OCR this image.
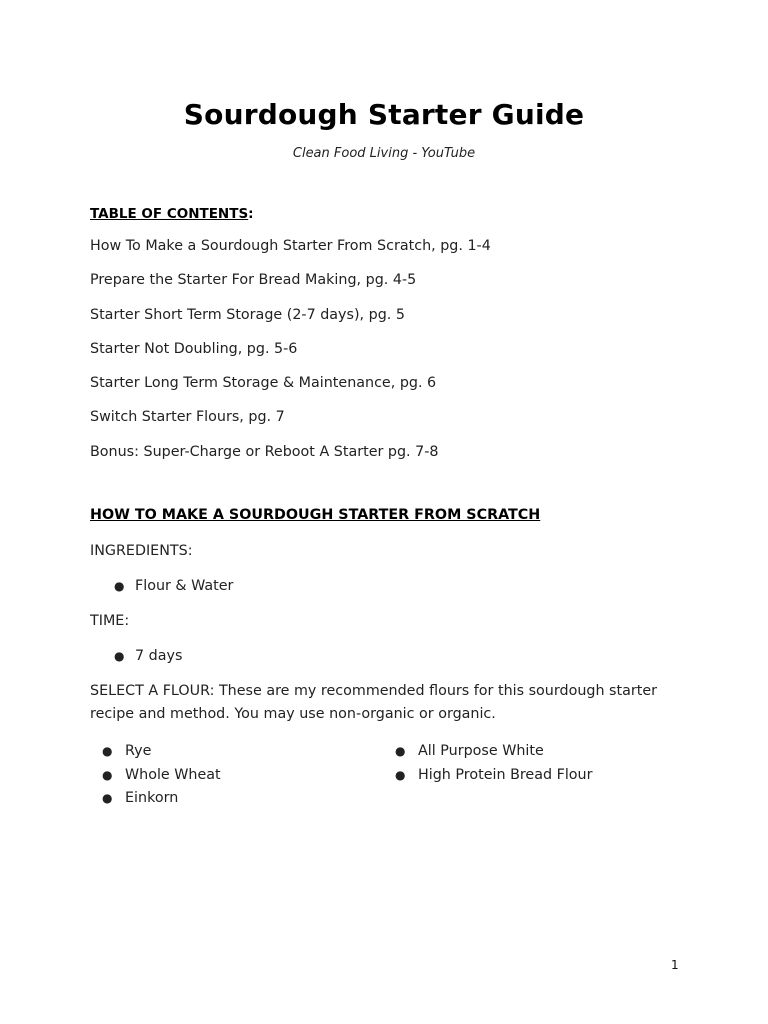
Sourdough Starter Guide
Clean Food Living - YouTube
TABLE OF CONTENTS:
How To Make a Sourdough Starter From Scratch, pg. 1-4
Prepare the Starter For Bread Making, pg. 4-5
Starter Short Term Storage (2-7 days), pg. 5
Starter Not Doubling, pg. 5-6
Starter Long Term Storage & Maintenance, pg. 6
Switch Starter Flours, pg. 7
Bonus: Super-Charge or Reboot A Starter pg. 7-8
HOW TO MAKE A SOURDOUGH STARTER FROM SCRATCH
INGREDIENTS:
● Flour & Water
TIME:
● 7 days

SELECT A FLOUR: These are my recommended flours for this sourdough starter recipe and method. You may use non-organic or organic.

● Rye
● Whole Wheat
● Einkorn
● All Purpose White
● High Protein Bread Flour
1
